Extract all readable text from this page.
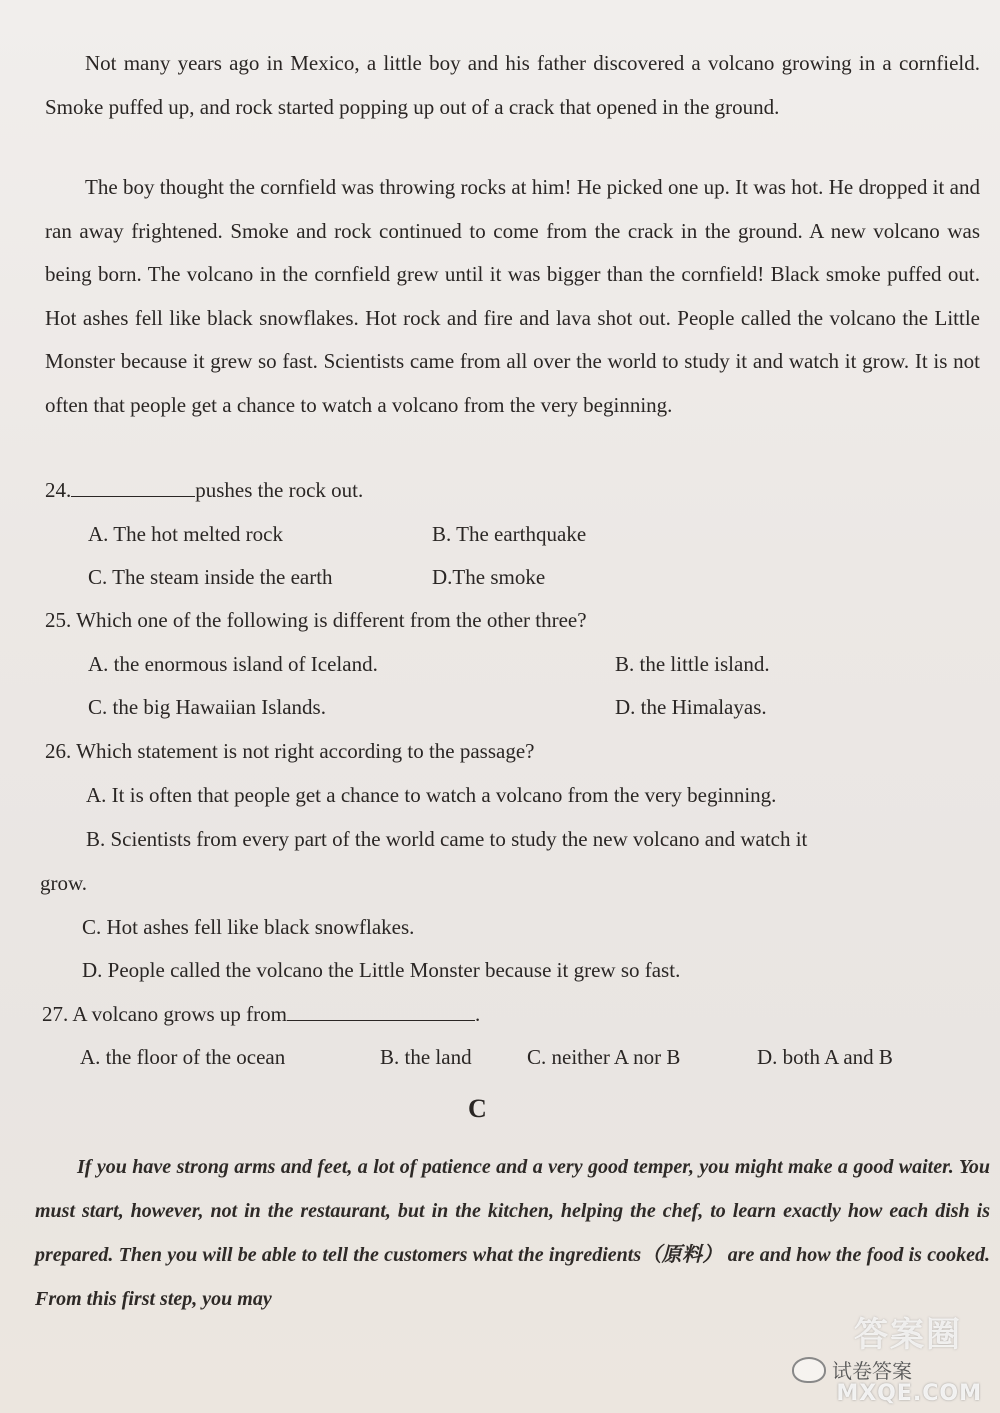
Not many years ago in Mexico, a little boy and his father discovered a volcano growing in a cornfield. Smoke puffed up, and rock started popping up out of a crack that opened in the ground.
The boy thought the cornfield was throwing rocks at him! He picked one up. It was hot. He dropped it and ran away frightened. Smoke and rock continued to come from the crack in the ground. A new volcano was being born. The volcano in the cornfield grew until it was bigger than the cornfield! Black smoke puffed out. Hot ashes fell like black snowflakes. Hot rock and fire and lava shot out. People called the volcano the Little Monster because it grew so fast. Scientists came from all over the world to study it and watch it grow. It is not often that people get a chance to watch a volcano from the very beginning.
24.	pushes the rock out.
A. The hot melted rock	B. The earthquake
C. The steam inside the earth	D.The smoke
25. Which one of the following is different from the other three?
A. the enormous island of Iceland.	B. the little island.
C. the big Hawaiian Islands.	D. the Himalayas.
26. Which statement is not right according to the passage?
A. It is often that people get a chance to watch a volcano from the very beginning.
B. Scientists from every part of the world came to study the new volcano and watch it
grow.
C. Hot ashes fell like black snowflakes.
D. People called the volcano the Little Monster because it grew so fast.
27. A volcano grows up from	.
A. the floor of the ocean	B. the land	C. neither A nor B	D. both A and B
C
If you have strong arms and feet, a lot of patience and a very good temper, you might make a good waiter. You must start, however, not in the restaurant, but in the kitchen, helping the chef, to learn exactly how each dish is prepared. Then you will be able to tell the customers what the ingredients（原料） are and how the food is cooked. From this first step, you may
答案圈
试卷答案
MXQE.COM
